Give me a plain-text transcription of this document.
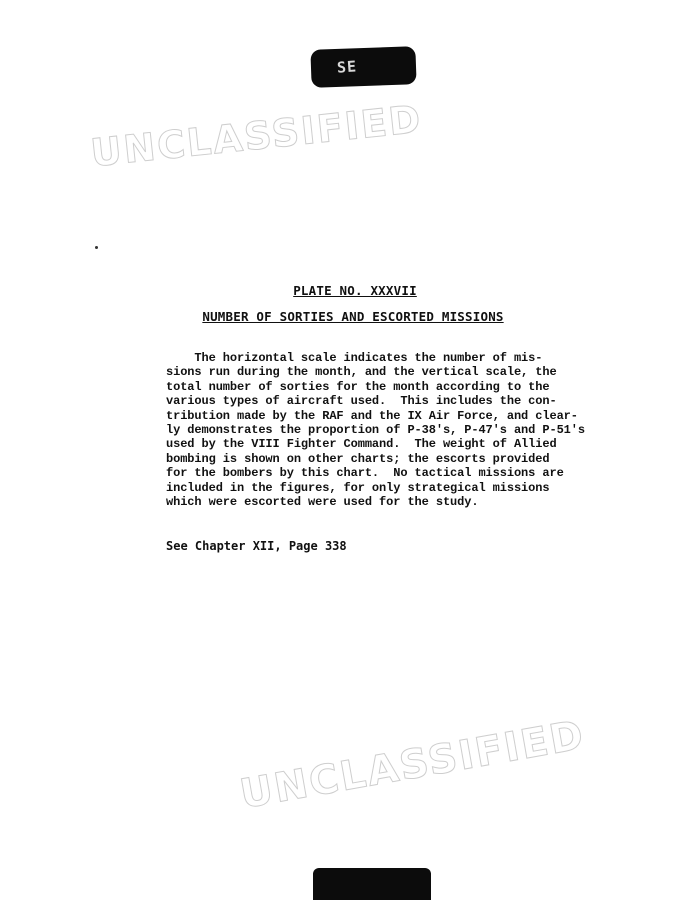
SE
UNCLASSIFIED
PLATE NO. XXXVII
NUMBER OF SORTIES AND ESCORTED MISSIONS
The horizontal scale indicates the number of mis-
sions run during the month, and the vertical scale, the
total number of sorties for the month according to the
various types of aircraft used.  This includes the con-
tribution made by the RAF and the IX Air Force, and clear-
ly demonstrates the proportion of P-38's, P-47's and P-51's
used by the VIII Fighter Command.  The weight of Allied
bombing is shown on other charts; the escorts provided
for the bombers by this chart.  No tactical missions are
included in the figures, for only strategical missions
which were escorted were used for the study.
See Chapter XII, Page 338
UNCLASSIFIED
